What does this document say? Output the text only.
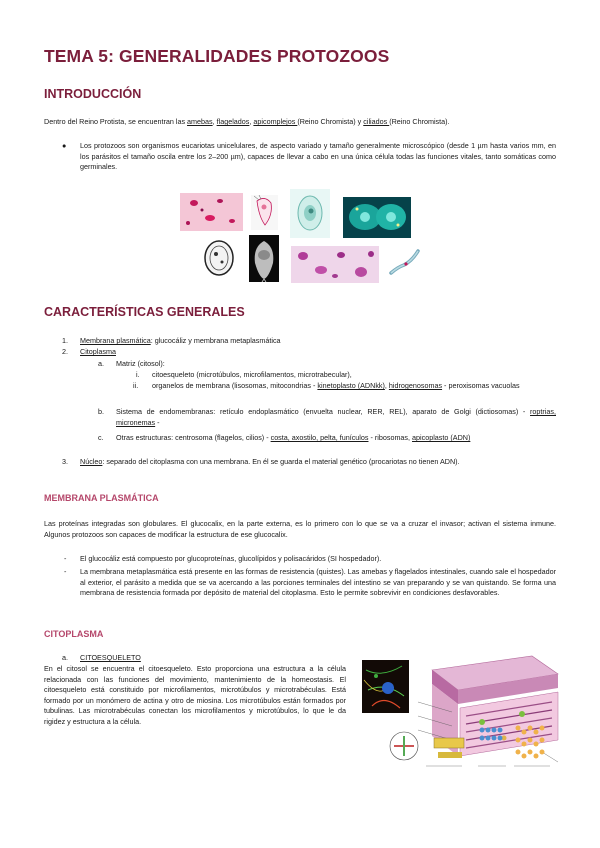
TEMA 5: GENERALIDADES PROTOZOOS
INTRODUCCIÓN
Dentro del Reino Protista, se encuentran las amebas, flagelados, apicomplejos (Reino Chromista) y ciliados (Reino Chromista).
● Los protozoos son organismos eucariotas unicelulares, de aspecto variado y tamaño generalmente microscópico (desde 1 µm hasta varios mm, en los parásitos el tamaño oscila entre los 2–200 µm), capaces de llevar a cabo en una única célula todas las funciones vitales, tanto somáticas como germinales.
CARACTERÍSTICAS GENERALES
1. Membrana plasmática: glucocáliz y membrana metaplasmática
2. Citoplasma
a. Matriz (citosol):
i. citoesqueleto (microtúbulos, microfilamentos, microtrabecular),
ii. organelos de membrana (lisosomas, mitocondrias - kinetoplasto (ADNkk), hidrogenosomas - peroxisomas vacuolas
b. Sistema de endomembranas: retículo endoplasmático (envuelta nuclear, RER, REL), aparato de Golgi (dictiosomas) - roptrias, micronemas -
c. Otras estructuras: centrosoma (flagelos, cilios) - costa, axostilo, pelta, funículos - ribosomas, apicoplasto (ADN)
3. Núcleo: separado del citoplasma con una membrana. En él se guarda el material genético (procariotas no tienen ADN).
MEMBRANA PLASMÁTICA
Las proteínas integradas son globulares. El glucocalix, en la parte externa, es lo primero con lo que se va a cruzar el invasor; activan el sistema inmune. Algunos protozoos son capaces de modificar la estructura de ese glucocalix.
- El glucocáliz está compuesto por glucoproteínas, glucolípidos y polisacáridos (SI hospedador).
- La membrana metaplasmática está presente en las formas de resistencia (quistes). Las amebas y flagelados intestinales, cuando sale el hospedador al exterior, el parásito a medida que se va acercando a las porciones terminales del intestino se van preparando y se van quistando. Se forma una membrana de resistencia formada por depósito de material del citoplasma. Esto le permite sobrevivir en condiciones desfavorables.
CITOPLASMA
a. CITOESQUELETO
En el citosol se encuentra el citoesqueleto. Esto proporciona una estructura a la célula relacionada con las funciones del movimiento, mantenimiento de la homeostasis. El citoesqueleto está constituido por microfilamentos, microtúbulos y microtrabéculas. Está formado por un monómero de actina y otro de miosina. Los microtúbulos están formados por tubulinas. Las microtrabéculas conectan los microfilamentos y microtúbulos, lo que le da rigidez y estructura a la célula.
